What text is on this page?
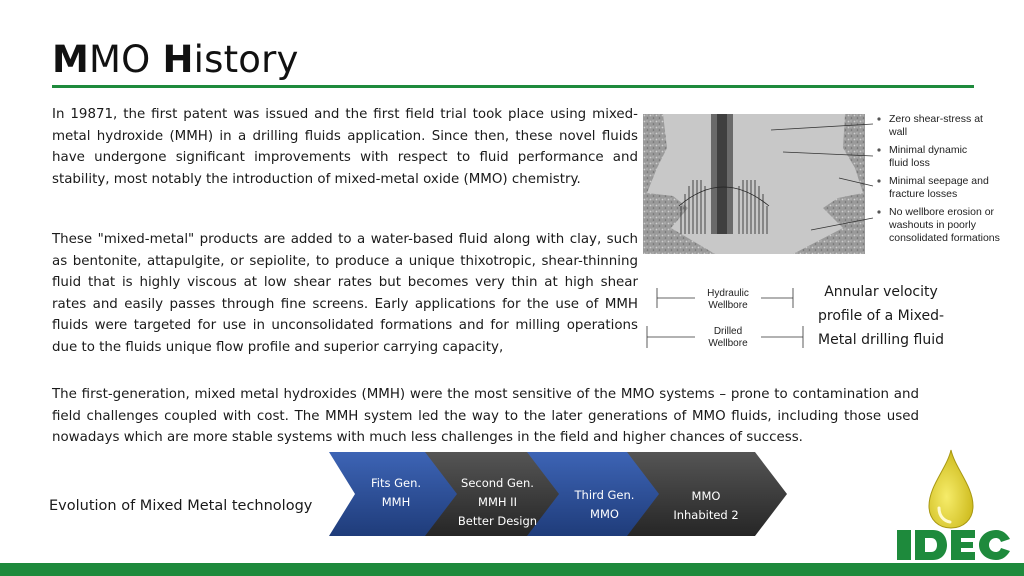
MMO History

In 19871, the first patent was issued and the first field trial took place using mixed-metal hydroxide (MMH) in a drilling fluids application. Since then, these novel fluids have undergone significant improvements with respect to fluid performance and stability, most notably the introduction of mixed-metal oxide (MMO) chemistry.

These "mixed-metal" products are added to a water-based fluid along with clay, such as bentonite, attapulgite, or sepiolite, to produce a unique thixotropic, shear-thinning fluid that is highly viscous at low shear rates but becomes very thin at high shear rates and easily passes through fine screens. Early applications for the use of MMH fluids were targeted for use in unconsolidated formations and for milling operations due to the fluids unique flow profile and superior carrying capacity,

The first-generation, mixed metal hydroxides (MMH) were the most sensitive of the MMO systems – prone to contamination and field challenges coupled with cost. The MMH system led the way to the later generations of MMO fluids, including those used nowadays which are more stable systems with much less challenges in the field and higher chances of success.

Zero shear-stress at
wall
Minimal dynamic
fluid loss
Minimal seepage and
fracture losses
No wellbore erosion or
washouts in poorly
consolidated formations
Hydraulic
Wellbore
Drilled
Wellbore
Annular velocity profile of a Mixed-Metal drilling fluid
Evolution of Mixed Metal technology
Fits Gen.
MMH
Second Gen.
MMH II
Better Design
Third Gen.
MMO
MMO
Inhabited 2
IDEC
